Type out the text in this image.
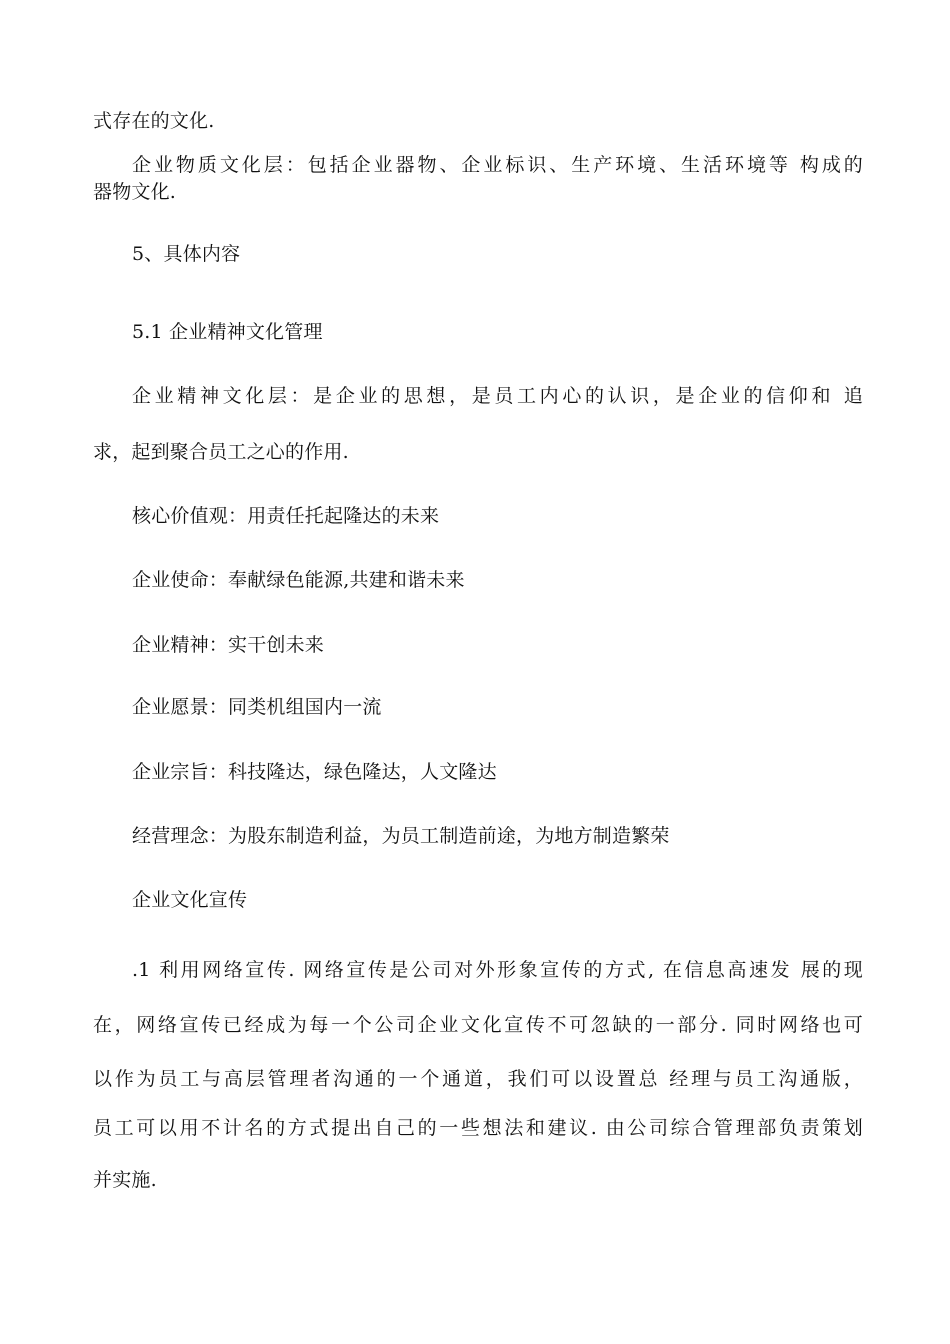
式存在的文化.
企业物质文化层：包括企业器物、企业标识、生产环境、生活环境等 构成的
器物文化.
5、具体内容
5.1 企业精神文化管理
企业精神文化层：是企业的思想，是员工内心的认识，是企业的信仰和 追
求，起到聚合员工之心的作用.
核心价值观：用责任托起隆达的未来
企业使命：奉献绿色能源,共建和谐未来
企业精神：实干创未来
企业愿景：同类机组国内一流
企业宗旨：科技隆达，绿色隆达，人文隆达
经营理念：为股东制造利益，为员工制造前途，为地方制造繁荣
企业文化宣传
.1 利用网络宣传. 网络宣传是公司对外形象宣传的方式, 在信息高速发 展的现
在，网络宣传已经成为每一个公司企业文化宣传不可忽缺的一部分. 同时网络也可
以作为员工与高层管理者沟通的一个通道，我们可以设置总 经理与员工沟通版，
员工可以用不计名的方式提出自己的一些想法和建议. 由公司综合管理部负责策划
并实施.
